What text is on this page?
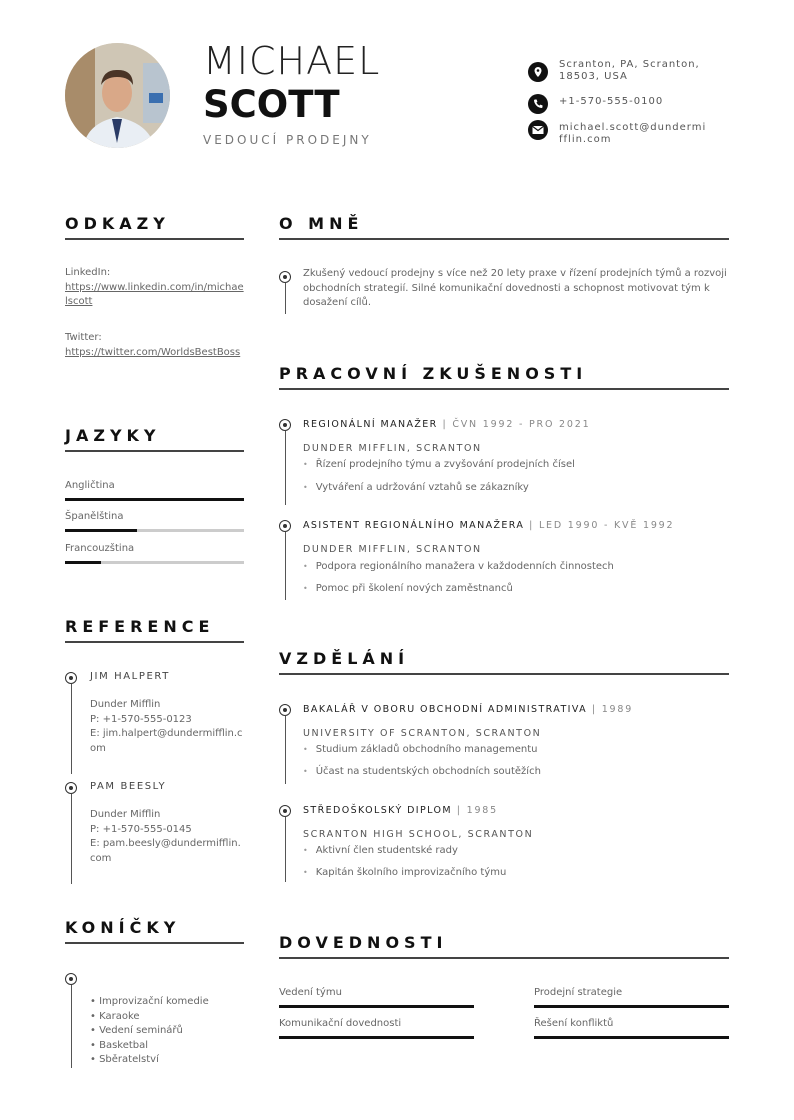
MICHAEL
SCOTT
VEDOUCÍ PRODEJNY
Scranton, PA, Scranton, 18503, USA
+1-570-555-0100
michael.scott@dundermifflin.com
ODKAZY
LinkedIn:
https://www.linkedin.com/in/michaelscott
Twitter:
https://twitter.com/WorldsBestBoss
JAZYKY
Angličtina
Španělština
Francouzština
REFERENCE
JIM HALPERT
Dunder Mifflin
P: +1-570-555-0123
E: jim.halpert@dundermifflin.com
PAM BEESLY
Dunder Mifflin
P: +1-570-555-0145
E: pam.beesly@dundermifflin.com
KONÍČKY
• Improvizační komedie
• Karaoke
• Vedení seminářů
• Basketbal
• Sběratelství
O MNĚ
Zkušený vedoucí prodejny s více než 20 lety praxe v řízení prodejních týmů a rozvoji obchodních strategií. Silné komunikační dovednosti a schopnost motivovat tým k dosažení cílů.
PRACOVNÍ ZKUŠENOSTI
REGIONÁLNÍ MANAŽER | ČVN 1992 - PRO 2021
DUNDER MIFFLIN, SCRANTON
• Řízení prodejního týmu a zvyšování prodejních čísel
• Vytváření a udržování vztahů se zákazníky
ASISTENT REGIONÁLNÍHO MANAŽERA | LED 1990 - KVĚ 1992
DUNDER MIFFLIN, SCRANTON
• Podpora regionálního manažera v každodenních činnostech
• Pomoc při školení nových zaměstnanců
VZDĚLÁNÍ
BAKALÁŘ V OBORU OBCHODNÍ ADMINISTRATIVA | 1989
UNIVERSITY OF SCRANTON, SCRANTON
• Studium základů obchodního managementu
• Účast na studentských obchodních soutěžích
STŘEDOŠKOLSKÝ DIPLOM | 1985
SCRANTON HIGH SCHOOL, SCRANTON
• Aktivní člen studentské rady
• Kapitán školního improvizačního týmu
DOVEDNOSTI
Vedení týmu	Prodejní strategie
Komunikační dovednosti	Řešení konfliktů
